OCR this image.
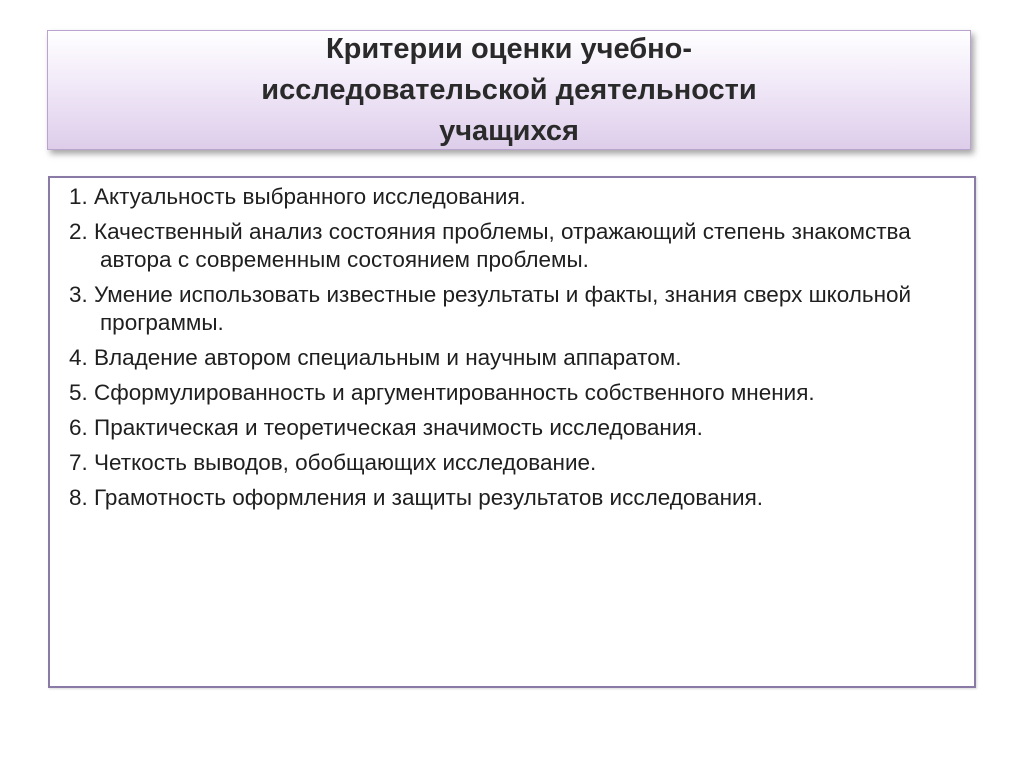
Критерии оценки учебно-исследовательской деятельности учащихся
1. Актуальность выбранного исследования.
2. Качественный анализ состояния проблемы, отражающий степень знакомства автора с современным состоянием проблемы.
3. Умение использовать известные результаты и факты, знания сверх школьной программы.
4. Владение автором специальным и научным аппаратом.
5. Сформулированность и аргументированность собственного мнения.
6. Практическая и теоретическая значимость исследования.
7. Четкость выводов, обобщающих исследование.
8. Грамотность оформления и защиты результатов исследования.
